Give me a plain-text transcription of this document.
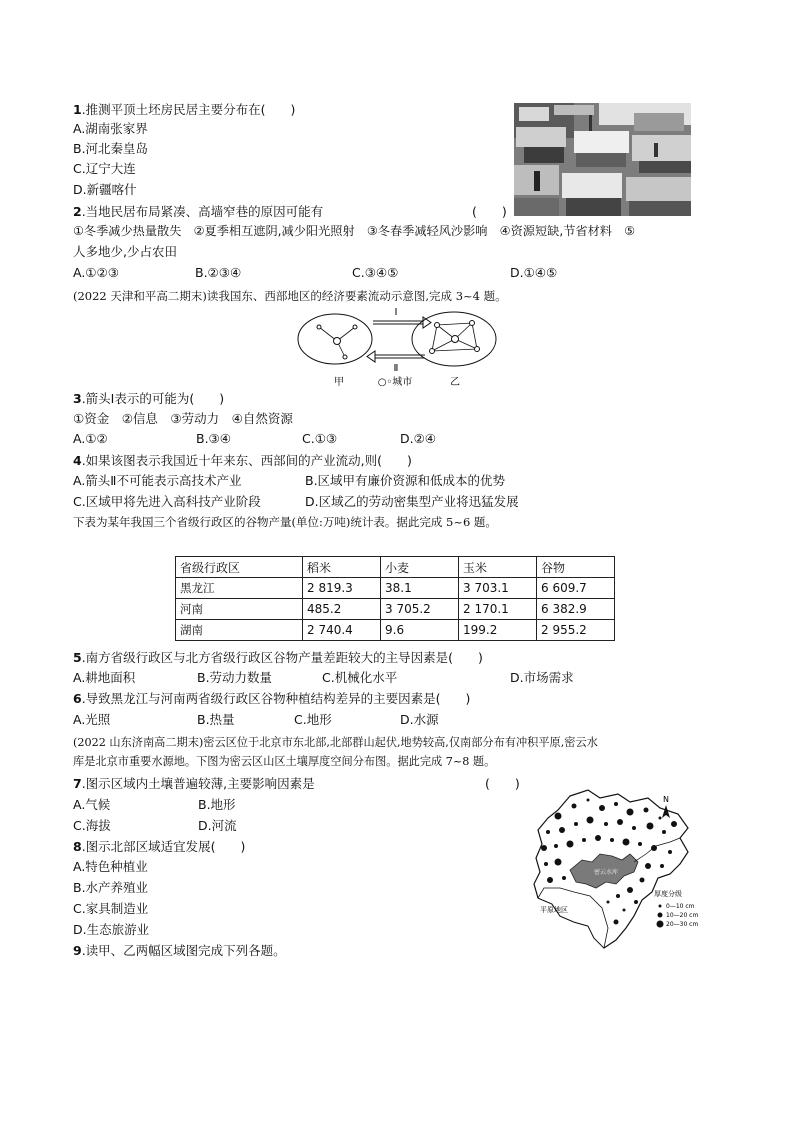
1.推测平顶土坯房民居主要分布在(　　)
A.湖南张家界
B.河北秦皇岛
C.辽宁大连
D.新疆喀什
2.当地民居布局紧凑、高墙窄巷的原因可能有	(　　)
①冬季减少热量散失　②夏季相互遮阴,减少阳光照射　③冬春季减轻风沙影响　④资源短缺,节省材料　⑤
人多地少,少占农田
A.①②③	B.②③④	C.③④⑤	D.①④⑤
(2022 天津和平高二期末)读我国东、西部地区的经济要素流动示意图,完成 3~4 题。
Ⅰ
Ⅱ
甲	○◦城市	乙
3.箭头Ⅰ表示的可能为(　　)
①资金　②信息　③劳动力　④自然资源
A.①②	B.③④	C.①③	D.②④
4.如果该图表示我国近十年来东、西部间的产业流动,则(　　)
A.箭头Ⅱ不可能表示高技术产业	B.区域甲有廉价资源和低成本的优势
C.区域甲将先进入高科技产业阶段	D.区域乙的劳动密集型产业将迅猛发展
下表为某年我国三个省级行政区的谷物产量(单位:万吨)统计表。据此完成 5~6 题。
省级行政区	稻米	小麦	玉米	谷物
黑龙江	2 819.3	38.1	3 703.1	6 609.7
河南	485.2	3 705.2	2 170.1	6 382.9
湖南	2 740.4	9.6	199.2	2 955.2
5.南方省级行政区与北方省级行政区谷物产量差距较大的主导因素是(　　)
A.耕地面积	B.劳动力数量	C.机械化水平	D.市场需求
6.导致黑龙江与河南两省级行政区谷物种植结构差异的主要因素是(　　)
A.光照	B.热量	C.地形	D.水源
(2022 山东济南高二期末)密云区位于北京市东北部,北部群山起伏,地势较高,仅南部分布有冲积平原,密云水
库是北京市重要水源地。下图为密云区山区土壤厚度空间分布图。据此完成 7~8 题。
7.图示区域内土壤普遍较薄,主要影响因素是	(　　)
A.气候	B.地形
C.海拔	D.河流
8.图示北部区域适宜发展(　　)
A.特色种植业
B.水产养殖业
C.家具制造业
D.生态旅游业
9.读甲、乙两幅区域图完成下列各题。
平原地区
密云水库
N
厚度分级
0—10 cm
10—20 cm
20—30 cm
